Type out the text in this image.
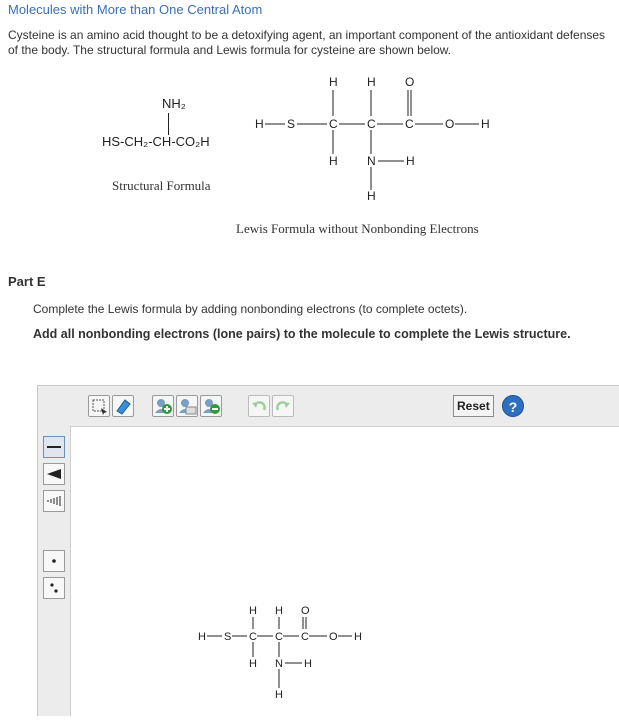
Molecules with More than One Central Atom
Cysteine is an amino acid thought to be a detoxifying agent, an important component of the antioxidant defenses of the body. The structural formula and Lewis formula for cysteine are shown below.
NH₂
HS-CH₂-CH-CO₂H
Structural Formula
H S	C C C	O H
H H O
H N	H
H
Lewis Formula without Nonbonding Electrons
Part E
Complete the Lewis formula by adding nonbonding electrons (to complete octets).
Add all nonbonding electrons (lone pairs) to the molecule to complete the Lewis structure.
Reset	?
H S C C C O H
H H O
H N H
H
